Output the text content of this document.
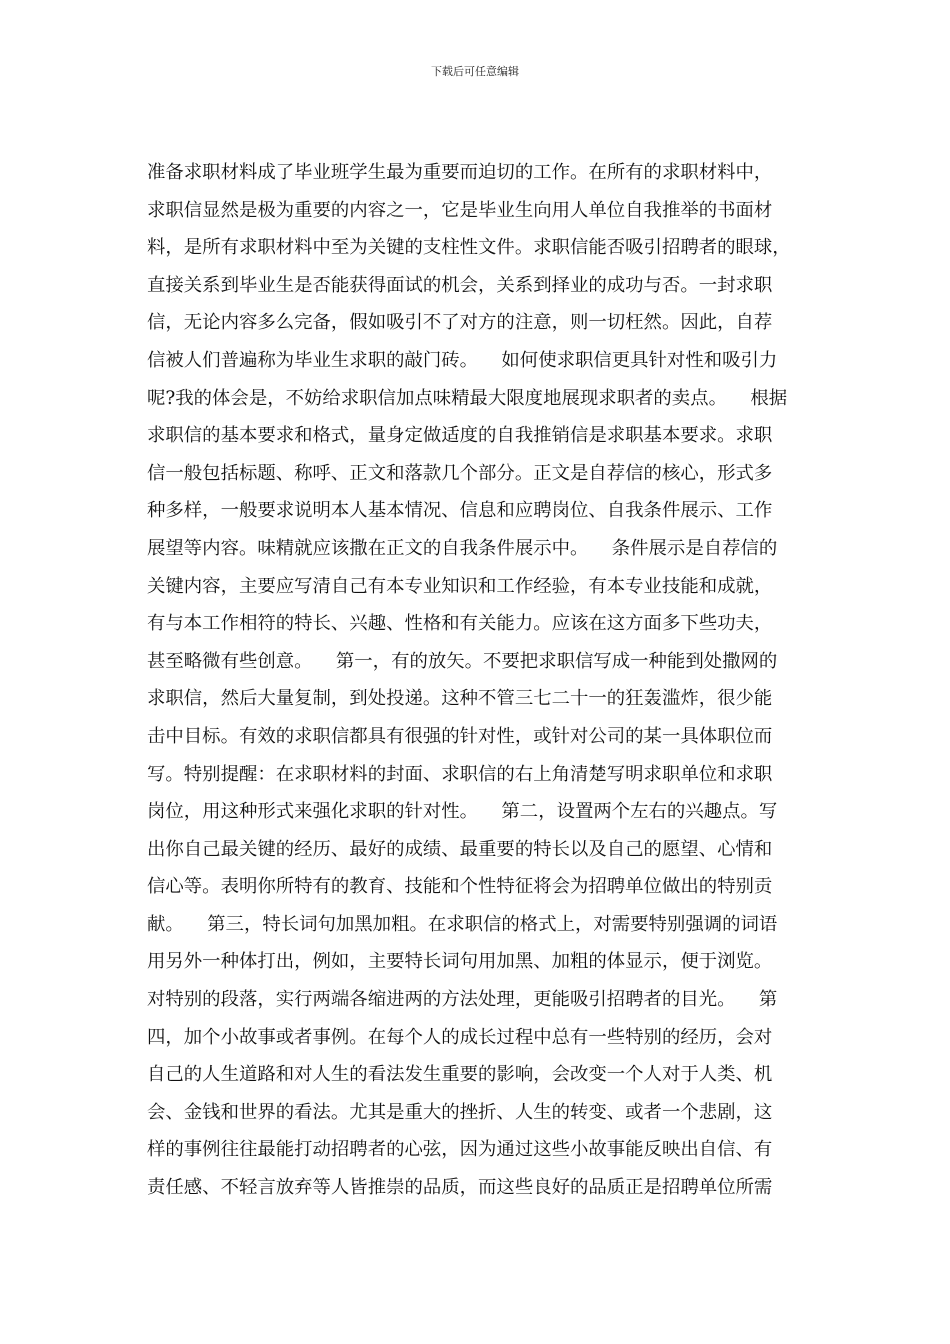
下载后可任意编辑
准备求职材料成了毕业班学生最为重要而迫切的工作。在所有的求职材料中，
求职信显然是极为重要的内容之一，它是毕业生向用人单位自我推举的书面材
料，是所有求职材料中至为关键的支柱性文件。求职信能否吸引招聘者的眼球，
直接关系到毕业生是否能获得面试的机会，关系到择业的成功与否。一封求职
信，无论内容多么完备，假如吸引不了对方的注意，则一切枉然。因此，自荐
信被人们普遍称为毕业生求职的敲门砖。    如何使求职信更具针对性和吸引力
呢?我的体会是，不妨给求职信加点味精最大限度地展现求职者的卖点。    根据
求职信的基本要求和格式，量身定做适度的自我推销信是求职基本要求。求职
信一般包括标题、称呼、正文和落款几个部分。正文是自荐信的核心，形式多
种多样，一般要求说明本人基本情况、信息和应聘岗位、自我条件展示、工作
展望等内容。味精就应该撒在正文的自我条件展示中。    条件展示是自荐信的
关键内容，主要应写清自己有本专业知识和工作经验，有本专业技能和成就，
有与本工作相符的特长、兴趣、性格和有关能力。应该在这方面多下些功夫，
甚至略微有些创意。    第一，有的放矢。不要把求职信写成一种能到处撒网的
求职信，然后大量复制，到处投递。这种不管三七二十一的狂轰滥炸，很少能
击中目标。有效的求职信都具有很强的针对性，或针对公司的某一具体职位而
写。特别提醒：在求职材料的封面、求职信的右上角清楚写明求职单位和求职
岗位，用这种形式来强化求职的针对性。    第二，设置两个左右的兴趣点。写
出你自己最关键的经历、最好的成绩、最重要的特长以及自己的愿望、心情和
信心等。表明你所特有的教育、技能和个性特征将会为招聘单位做出的特别贡
献。    第三，特长词句加黑加粗。在求职信的格式上，对需要特别强调的词语
用另外一种体打出，例如，主要特长词句用加黑、加粗的体显示，便于浏览。
对特别的段落，实行两端各缩进两的方法处理，更能吸引招聘者的目光。    第
四，加个小故事或者事例。在每个人的成长过程中总有一些特别的经历，会对
自己的人生道路和对人生的看法发生重要的影响，会改变一个人对于人类、机
会、金钱和世界的看法。尤其是重大的挫折、人生的转变、或者一个悲剧，这
样的事例往往最能打动招聘者的心弦，因为通过这些小故事能反映出自信、有
责任感、不轻言放弃等人皆推崇的品质，而这些良好的品质正是招聘单位所需
